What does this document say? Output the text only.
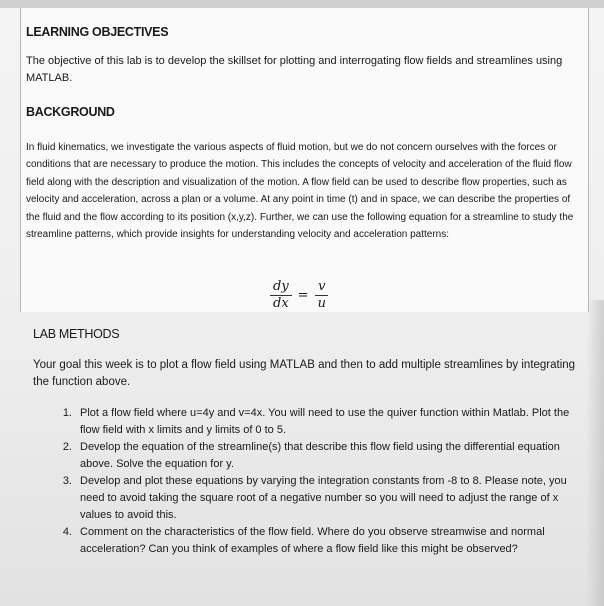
LEARNING OBJECTIVES
The objective of this lab is to develop the skillset for plotting and interrogating flow fields and streamlines using MATLAB.
BACKGROUND
In fluid kinematics, we investigate the various aspects of fluid motion, but we do not concern ourselves with the forces or conditions that are necessary to produce the motion. This includes the concepts of velocity and acceleration of the fluid flow field along with the description and visualization of the motion. A flow field can be used to describe flow properties, such as velocity and acceleration, across a plan or a volume. At any point in time (t) and in space, we can describe the properties of the fluid and the flow according to its position (x,y,z). Further, we can use the following equation for a streamline to study the streamline patterns, which provide insights for understanding velocity and acceleration patterns:
$\frac{dy}{dx} = \frac{v}{u}$
LAB METHODS
Your goal this week is to plot a flow field using MATLAB and then to add multiple streamlines by integrating the function above.
1. Plot a flow field where u=4y and v=4x. You will need to use the quiver function within Matlab. Plot the flow field with x limits and y limits of 0 to 5.
2. Develop the equation of the streamline(s) that describe this flow field using the differential equation above. Solve the equation for y.
3. Develop and plot these equations by varying the integration constants from -8 to 8. Please note, you need to avoid taking the square root of a negative number so you will need to adjust the range of x values to avoid this.
4. Comment on the characteristics of the flow field. Where do you observe streamwise and normal acceleration? Can you think of examples of where a flow field like this might be observed?
